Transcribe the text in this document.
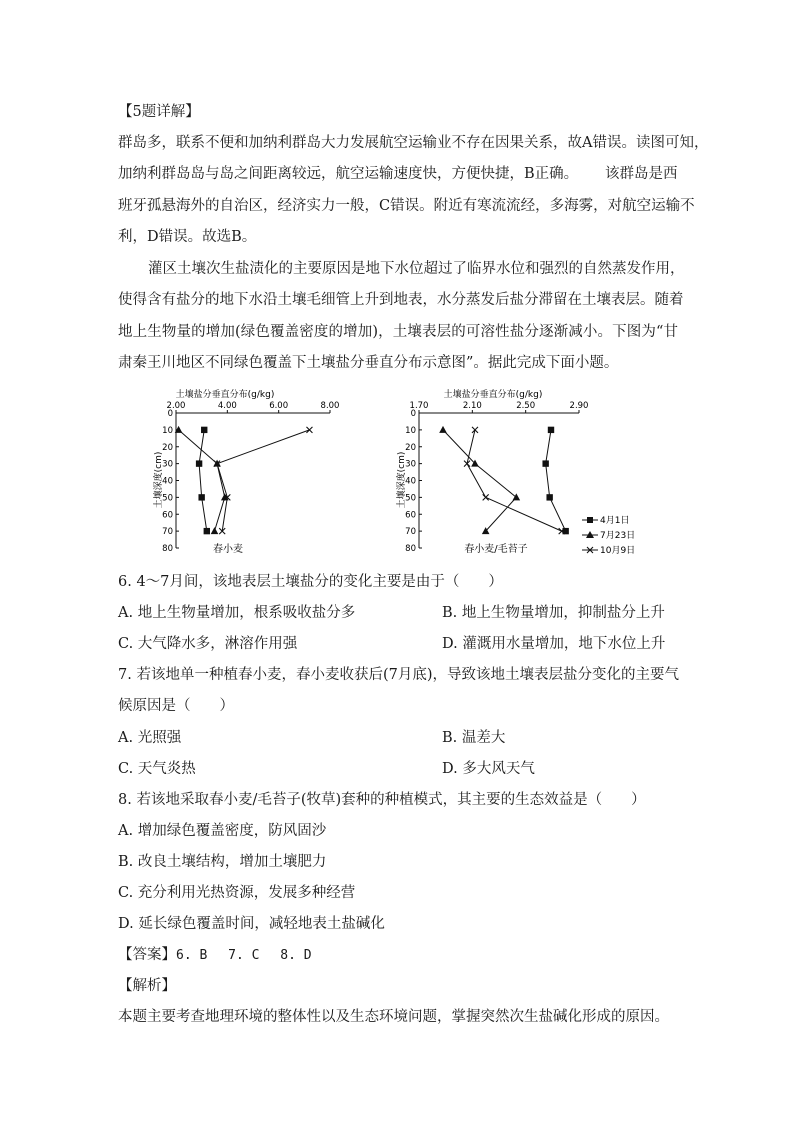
【5题详解】
群岛多，联系不便和加纳利群岛大力发展航空运输业不存在因果关系，故A错误。读图可知，
加纳利群岛岛与岛之间距离较远，航空运输速度快，方便快捷，B正确。 该群岛是西
班牙孤悬海外的自治区，经济实力一般，C错误。附近有寒流流经，多海雾，对航空运输不
利，D错误。故选B。
灌区土壤次生盐渍化的主要原因是地下水位超过了临界水位和强烈的自然蒸发作用，
使得含有盐分的地下水沿土壤毛细管上升到地表，水分蒸发后盐分滞留在土壤表层。随着
地上生物量的增加(绿色覆盖密度的增加)，土壤表层的可溶性盐分逐渐减小。下图为“甘
肃秦王川地区不同绿色覆盖下土壤盐分垂直分布示意图”。据此完成下面小题。
土壤盐分垂直分布(g/kg)
土壤深度(cm)
春小麦
2.00	4.00	6.00	8.00
0
10
20
30
40
50
60
70
80
土壤盐分垂直分布(g/kg)
土壤深度(cm)
春小麦/毛苔子
4月1日
7月23日
10月9日
1.70	2.10	2.50	2.90
0
10
20
30
40
50
60
70
80
6. 4～7月间，该地表层土壤盐分的变化主要是由于（　　）
A. 地上生物量增加，根系吸收盐分多	B. 地上生物量增加，抑制盐分上升
C. 大气降水多，淋溶作用强	D. 灌溉用水量增加，地下水位上升
7. 若该地单一种植春小麦，春小麦收获后(7月底)，导致该地土壤表层盐分变化的主要气
候原因是（　　）
A. 光照强	B. 温差大
C. 天气炎热	D. 多大风天气
8. 若该地采取春小麦/毛苔子(牧草)套种的种植模式，其主要的生态效益是（　　）
A. 增加绿色覆盖密度，防风固沙
B. 改良土壤结构，增加土壤肥力
C. 充分利用光热资源，发展多种经营
D. 延长绿色覆盖时间，减轻地表土盐碱化
【答案】6. B　 7. C　 8. D
【解析】
本题主要考查地理环境的整体性以及生态环境问题，掌握突然次生盐碱化形成的原因。
